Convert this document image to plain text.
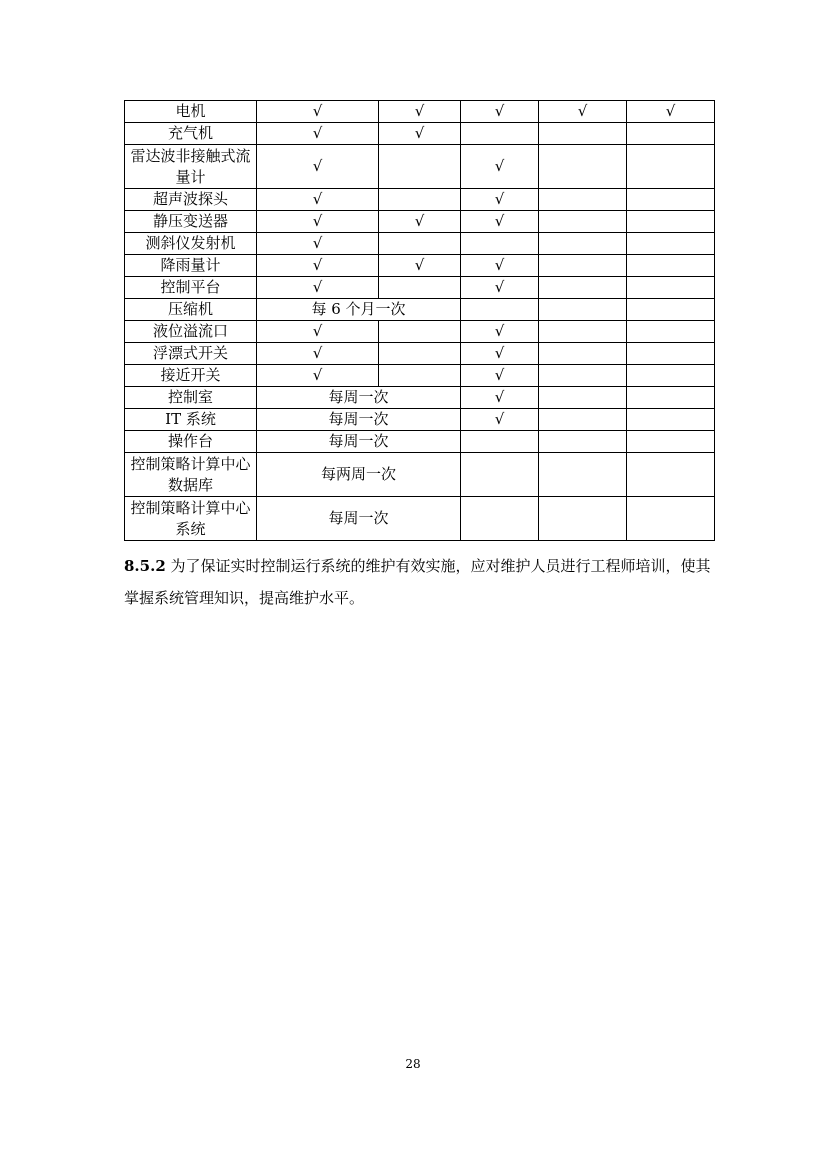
电机	√	√	√	√	√
充气机	√	√			
雷达波非接触式流量计	√		√		
超声波探头	√		√		
静压变送器	√	√	√		
测斜仪发射机	√				
降雨量计	√	√	√		
控制平台	√		√		
压缩机	每 6 个月一次				
液位溢流口	√		√		
浮漂式开关	√		√		
接近开关	√		√		
控制室	每周一次		√		
IT 系统	每周一次		√		
操作台	每周一次				
控制策略计算中心数据库	每两周一次				
控制策略计算中心系统	每周一次				

8.5.2 为了保证实时控制运行系统的维护有效实施，应对维护人员进行工程师培训，使其掌握系统管理知识，提高维护水平。

28
